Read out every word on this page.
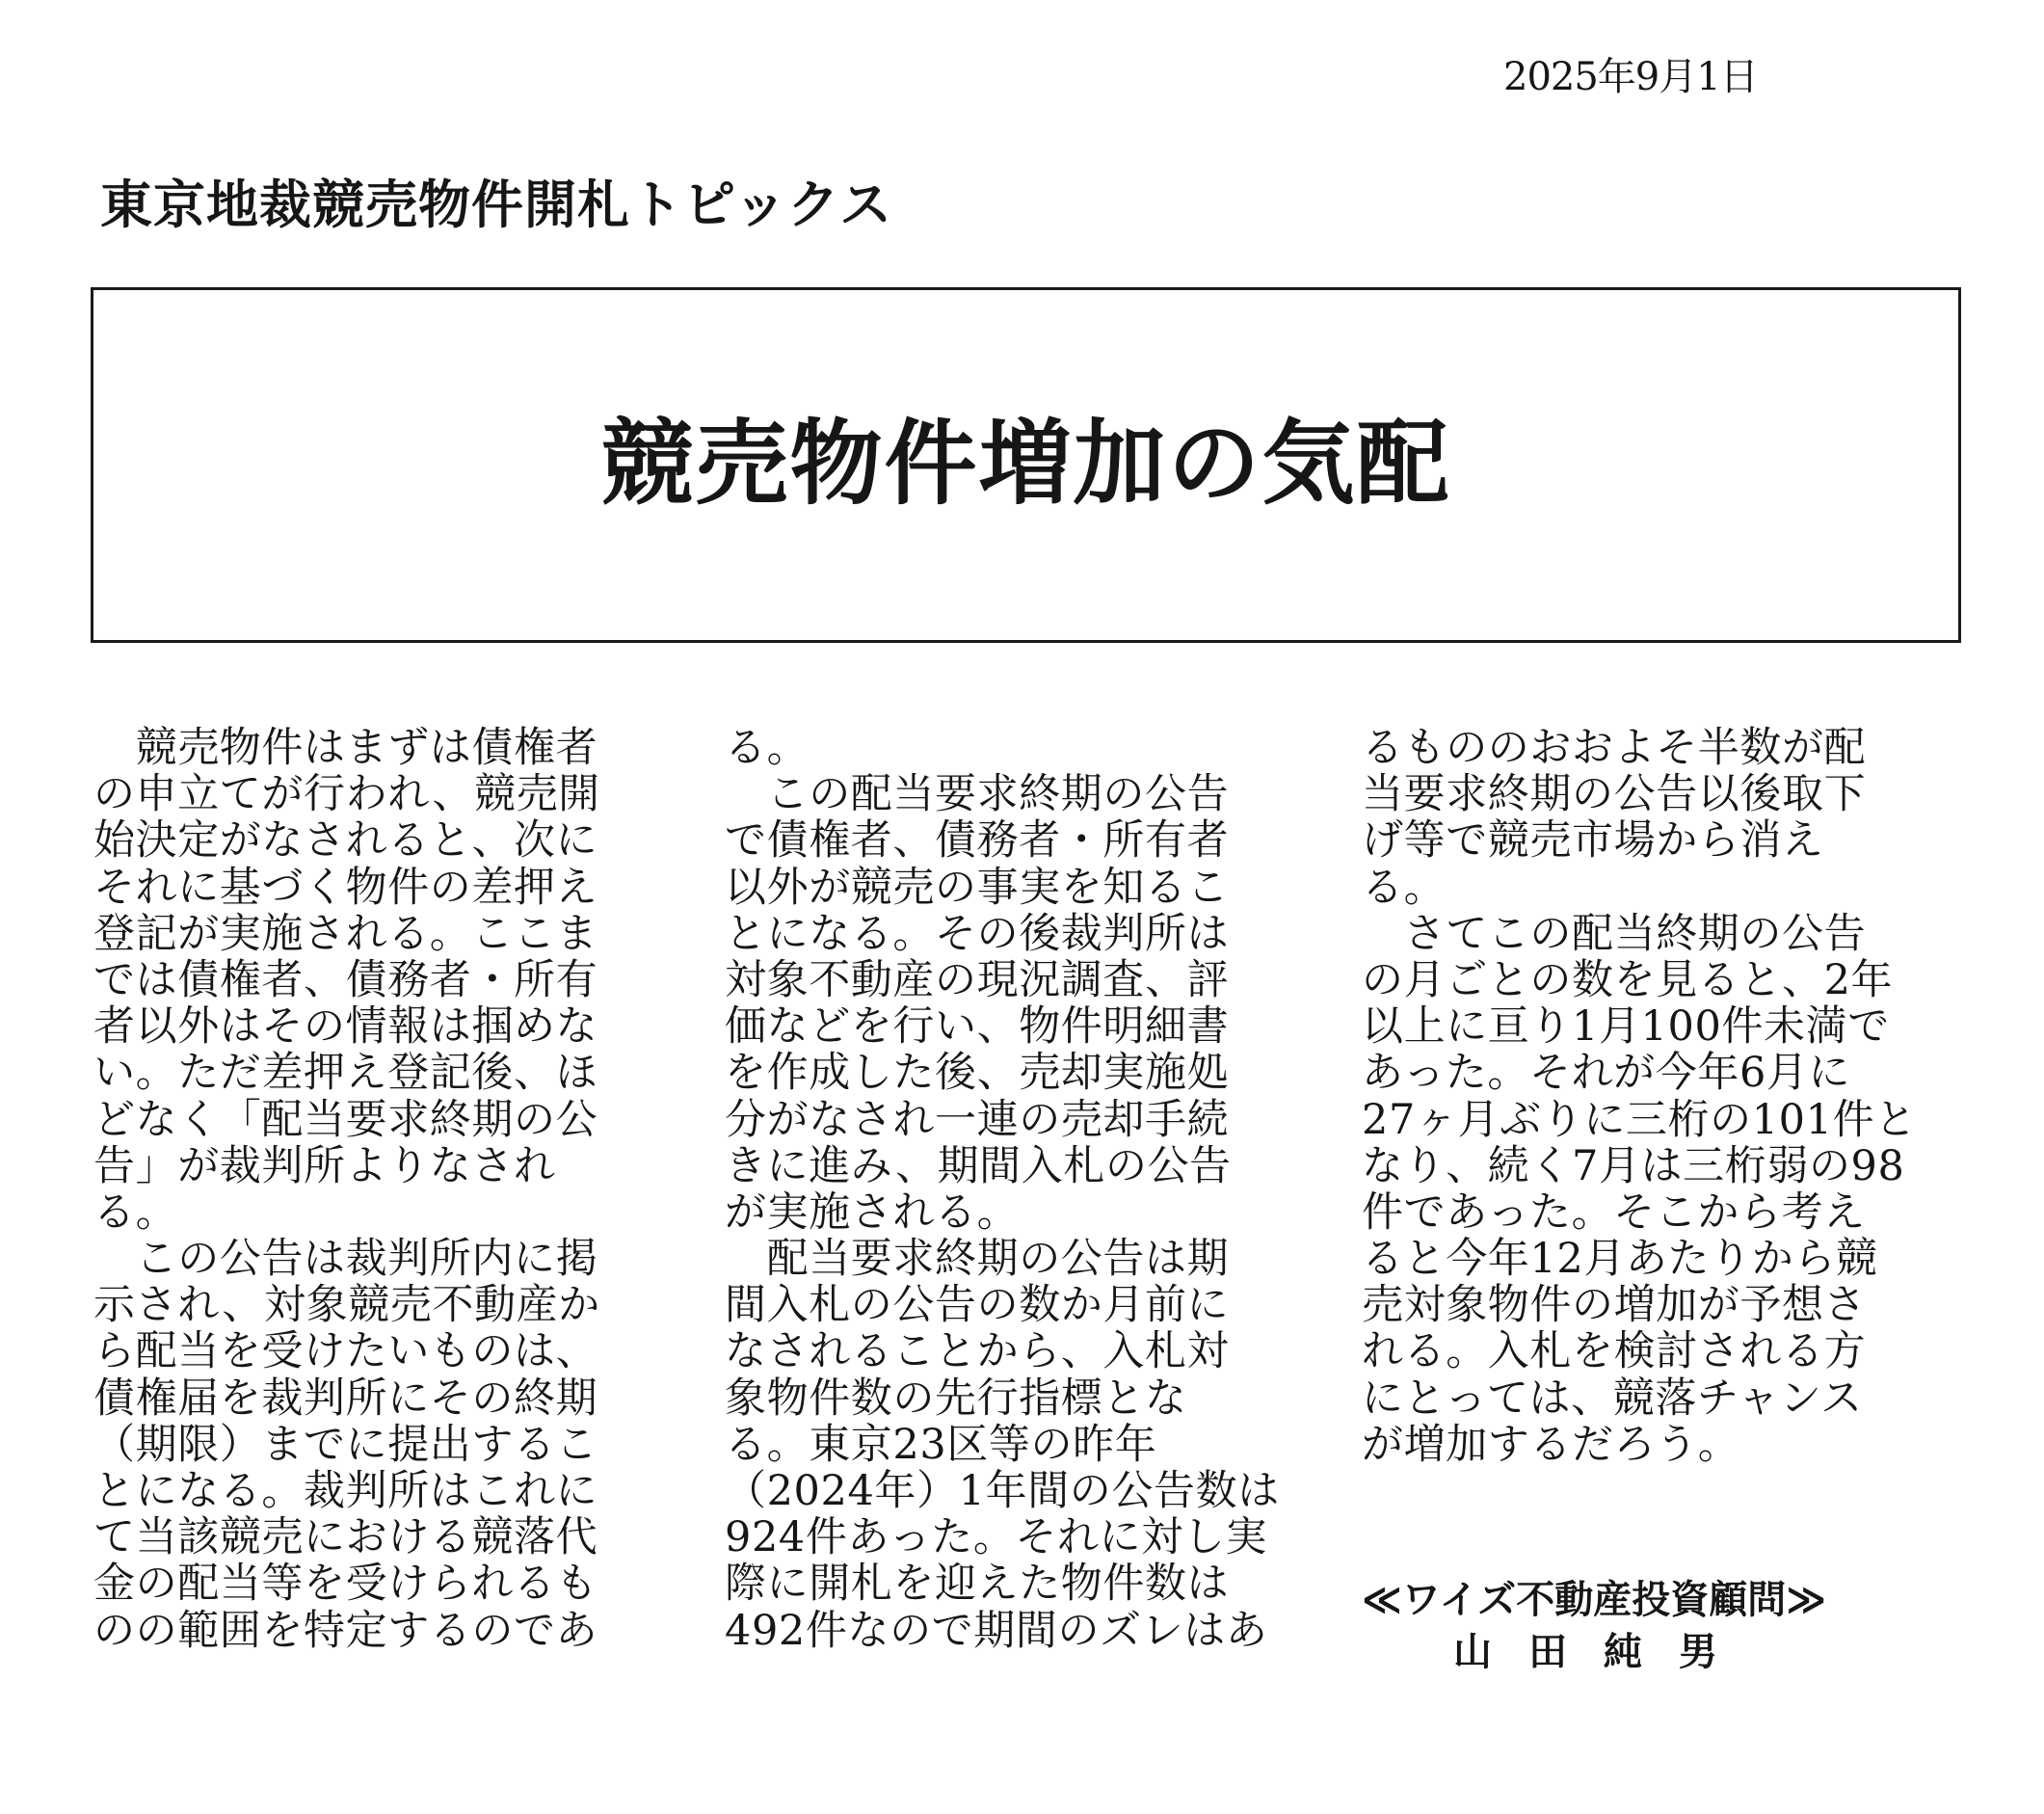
2025年9月1日
東京地裁競売物件開札トピックス
競売物件増加の気配
　競売物件はまずは債権者
の申立てが行われ、競売開
始決定がなされると、次に
それに基づく物件の差押え
登記が実施される。ここま
では債権者、債務者・所有
者以外はその情報は掴めな
い。ただ差押え登記後、ほ
どなく「配当要求終期の公
告」が裁判所よりなされ
る。
　この公告は裁判所内に掲
示され、対象競売不動産か
ら配当を受けたいものは、
債権届を裁判所にその終期
（期限）までに提出するこ
とになる。裁判所はこれに
て当該競売における競落代
金の配当等を受けられるも
のの範囲を特定するのであ
る。
　この配当要求終期の公告
で債権者、債務者・所有者
以外が競売の事実を知るこ
とになる。その後裁判所は
対象不動産の現況調査、評
価などを行い、物件明細書
を作成した後、売却実施処
分がなされ一連の売却手続
きに進み、期間入札の公告
が実施される。
　配当要求終期の公告は期
間入札の公告の数か月前に
なされることから、入札対
象物件数の先行指標とな
る。東京23区等の昨年
（2024年）1年間の公告数は
924件あった。それに対し実
際に開札を迎えた物件数は
492件なので期間のズレはあ
るもののおおよそ半数が配
当要求終期の公告以後取下
げ等で競売市場から消え
る。
　さてこの配当終期の公告
の月ごとの数を見ると、2年
以上に亘り1月100件未満で
あった。それが今年6月に
27ヶ月ぶりに三桁の101件と
なり、続く7月は三桁弱の98
件であった。そこから考え
ると今年12月あたりから競
売対象物件の増加が予想さ
れる。入札を検討される方
にとっては、競落チャンス
が増加するだろう。
≪ワイズ不動産投資顧問≫
山田純男
